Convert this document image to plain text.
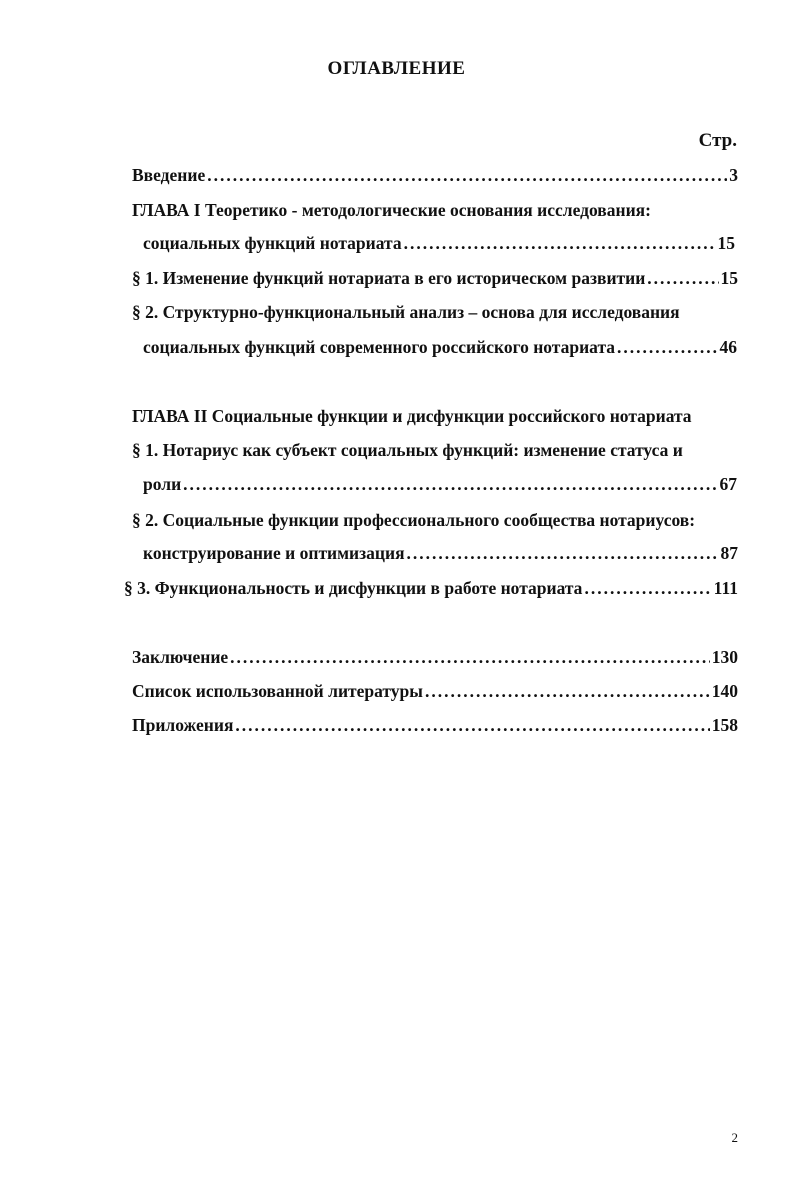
ОГЛАВЛЕНИЕ
Стр.
Введение .....	3
ГЛАВА I Теоретико - методологические основания исследования:
социальных функций нотариата .....	15
§ 1. Изменение функций нотариата в его историческом развитии .....	15
§ 2. Структурно-функциональный анализ – основа для исследования
социальных функций современного российского нотариата .....	46
ГЛАВА II Социальные функции и дисфункции российского нотариата
§ 1. Нотариус как субъект социальных функций: изменение статуса и
роли .....	67
§ 2. Социальные функции профессионального сообщества нотариусов:
конструирование и оптимизация .....	87
§ 3. Функциональность и дисфункции в работе нотариата .....	111
Заключение .....	130
Список использованной литературы .....	140
Приложения .....	158
2
